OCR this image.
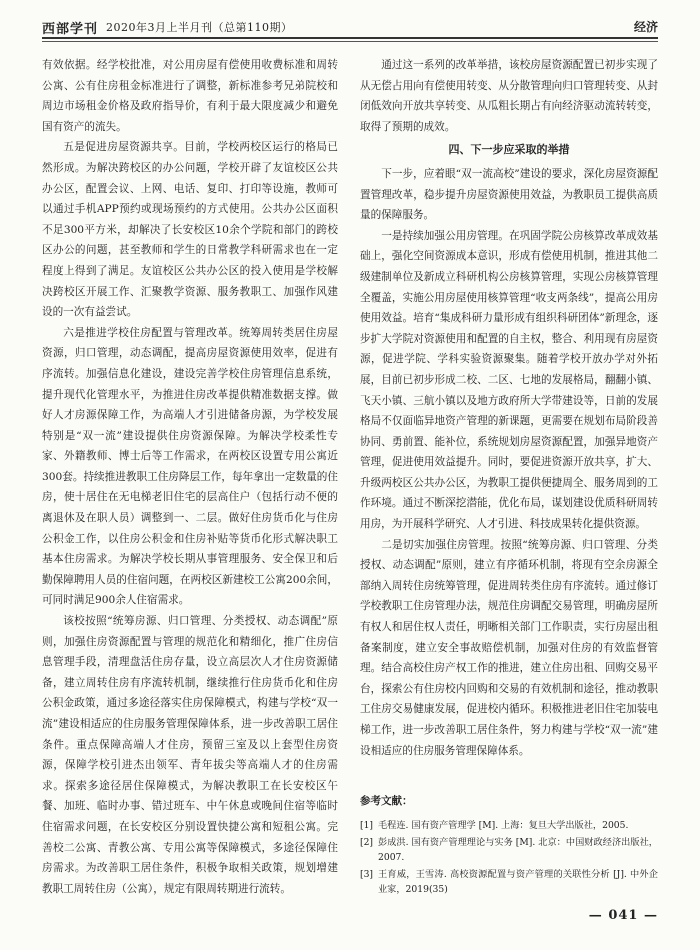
西部学刊 2020年3月上半月刊（总第110期）	经济

有效依据。经学校批准，对公用房屋有偿使用收费标准和周转公寓、公有住房租金标准进行了调整，新标准参考兄弟院校和周边市场租金价格及政府指导价，有利于最大限度减少和避免国有资产的流失。

五是促进房屋资源共享。目前，学校两校区运行的格局已然形成。为解决跨校区的办公问题，学校开辟了友谊校区公共办公区，配置会议、上网、电话、复印、打印等设施，教师可以通过手机APP预约或现场预约的方式使用。公共办公区面积不足300平方米，却解决了长安校区10余个学院和部门的跨校区办公的问题，甚至教师和学生的日常教学科研需求也在一定程度上得到了满足。友谊校区公共办公区的投入使用是学校解决跨校区开展工作、汇聚教学资源、服务教职工、加强作风建设的一次有益尝试。

六是推进学校住房配置与管理改革。统筹周转类居住房屋资源，归口管理，动态调配，提高房屋资源使用效率，促进有序流转。加强信息化建设，建设完善学校住房管理信息系统，提升现代化管理水平，为推进住房改革提供精准数据支撑。做好人才房源保障工作，为高端人才引进储备房源，为学校发展特别是“双一流”建设提供住房资源保障。为解决学校柔性专家、外籍教师、博士后等工作需求，在两校区设置专用公寓近300套。持续推进教职工住房降层工作，每年拿出一定数量的住房，使十居住在无电梯老旧住宅的层高住户（包括行动不便的离退休及在职人员）调整到一、二层。做好住房货币化与住房公积金工作，以住房公积金和住房补贴等货币化形式解决职工基本住房需求。为解决学校长期从事管理服务、安全保卫和后勤保障聘用人员的住宿问题，在两校区新建校工公寓200余间，可同时满足900余人住宿需求。

该校按照“统筹房源、归口管理、分类授权、动态调配”原则，加强住房资源配置与管理的规范化和精细化，推广住房信息管理手段，清理盘活住房存量，设立高层次人才住房资源储备，建立周转住房有序流转机制，继续推行住房货币化和住房公积金政策，通过多途径落实住房保障模式，构建与学校“双一流”建设相适应的住房服务管理保障体系，进一步改善职工居住条件。重点保障高端人才住房，预留三室及以上套型住房资源，保障学校引进杰出领军、青年拔尖等高端人才的住房需求。探索多途径居住保障模式，为解决教职工在长安校区午餐、加班、临时办事、错过班车、中午休息或晚间住宿等临时住宿需求问题，在长安校区分别设置快捷公寓和短租公寓。完善校二公寓、青教公寓、专用公寓等保障模式，多途径保障住房需求。为改善职工居住条件，积极争取相关政策，规划增建教职工周转住房（公寓），规定有限周转期进行流转。

通过这一系列的改革举措，该校房屋资源配置已初步实现了从无偿占用向有偿使用转变、从分散管理向归口管理转变、从封闭低效向开放共享转变、从瓜粗长期占有向经济驱动流转转变，取得了预期的成效。

四、下一步应采取的举措

下一步，应着眼“双一流高校”建设的要求，深化房屋资源配置管理改革，稳步提升房屋资源使用效益，为教职员工提供高质量的保障服务。

一是持续加强公用房管理。在巩固学院公房核算改革成效基础上，强化空间资源成本意识，形成有偿使用机制，推进其他二级建制单位及新成立科研机构公房核算管理，实现公房核算管理全覆盖，实施公用房屋使用核算管理“收支两条线”，提高公用房使用效益。培育“集成科研力量形成有组织科研团体”新理念，逐步扩大学院对资源使用和配置的自主权，整合、利用现有房屋资源，促进学院、学科实验资源聚集。随着学校开放办学对外拓展，目前已初步形成二校、二区、七地的发展格局，翻翻小镇、飞天小镇、三航小镇以及地方政府所大学带建设等，日前的发展格局不仅面临异地资产管理的新课题，更需要在规划布局阶段善协同、勇前置、能补位，系统规划房屋资源配置，加强异地资产管理，促进使用效益提升。同时，要促进资源开放共享，扩大、升级两校区公共办公区，为教职工提供便捷周全、服务周到的工作环境。通过不断深挖潜能，优化布局，谋划建设优质科研周转用房，为开展科学研究、人才引进、科技成果转化提供资源。

二是切实加强住房管理。按照“统筹房源、归口管理、分类授权、动态调配”原则，建立有序循环机制，将现有空余房源全部纳入周转住房统筹管理，促进周转类住房有序流转。通过修订学校教职工住房管理办法，规范住房调配交易管理，明确房屋所有权人和居住权人责任，明晰相关部门工作职责，实行房屋出租备案制度，建立安全事故赔偿机制，加强对住房的有效监督管理。结合高校住房产权工作的推进，建立住房出租、回购交易平台，探索公有住房校内回购和交易的有效机制和途径，推动教职工住房交易健康发展，促进校内循环。积极推进老旧住宅加装电梯工作，进一步改善职工居住条件，努力构建与学校“双一流”建设相适应的住房服务管理保障体系。

参考文献：

[1] 毛程连. 国有资产管理学 [M]. 上海：复旦大学出版社，2005.

[2] 彭成洪. 国有资产管理理论与实务 [M]. 北京：中国财政经济出版社，2007.

[3] 王育威，王雪涛. 高校资源配置与资产管理的关联性分析 [J]. 中外企业家，2019(35)

— 041 —
